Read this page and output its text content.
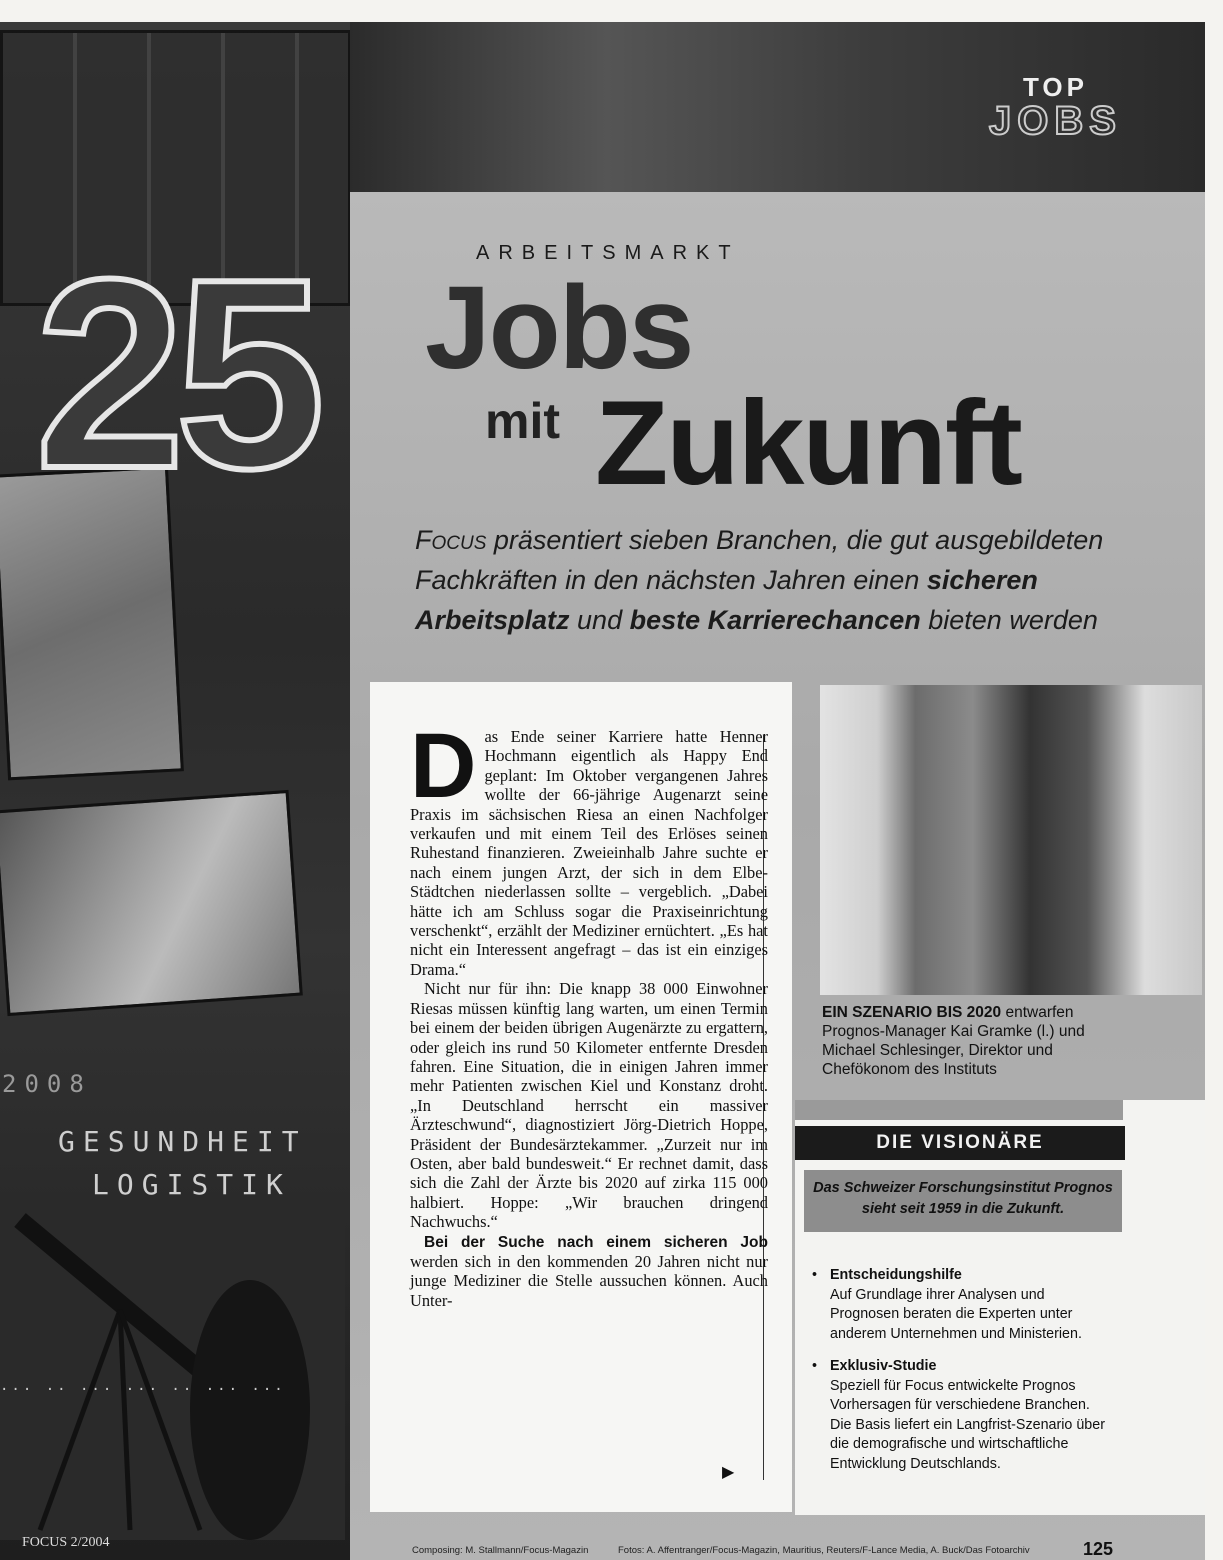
TOP
JOBS
ARBEITSMARKT
25 Jobs
mit Zukunft
Focus präsentiert sieben Branchen, die gut ausgebildeten Fachkräften in den nächsten Jahren einen sicheren Arbeitsplatz und beste Karrierechancen bieten werden

Das Ende seiner Karriere hatte Henner Hochmann eigentlich als Happy End geplant: Im Oktober vergangenen Jahres wollte der 66-jährige Augenarzt seine Praxis im sächsischen Riesa an einen Nachfolger verkaufen und mit einem Teil des Erlöses seinen Ruhestand finanzieren. Zweieinhalb Jahre suchte er nach einem jungen Arzt, der sich in dem Elbe-Städtchen niederlassen sollte – vergeblich. „Dabei hätte ich am Schluss sogar die Praxiseinrichtung verschenkt“, erzählt der Mediziner ernüchtert. „Es hat nicht ein Interessent angefragt – das ist ein einziges Drama.“

Nicht nur für ihn: Die knapp 38 000 Einwohner Riesas müssen künftig lang warten, um einen Termin bei einem der beiden übrigen Augenärzte zu ergattern, oder gleich ins rund 50 Kilometer entfernte Dresden fahren. Eine Situation, die in einigen Jahren immer mehr Patienten zwischen Kiel und Konstanz droht. „In Deutschland herrscht ein massiver Ärzteschwund“, diagnostiziert Jörg-Dietrich Hoppe, Präsident der Bundesärztekammer. „Zurzeit nur im Osten, aber bald bundesweit.“ Er rechnet damit, dass sich die Zahl der Ärzte bis 2020 auf zirka 115 000 halbiert. Hoppe: „Wir brauchen dringend Nachwuchs.“

Bei der Suche nach einem sicheren Job werden sich in den kommenden 20 Jahren nicht nur junge Mediziner die Stelle aussuchen können. Auch Unter-

▶
EIN SZENARIO BIS 2020 entwarfen Prognos-Manager Kai Gramke (l.) und Michael Schlesinger, Direktor und Chefökonom des Instituts
DIE VISIONÄRE
Das Schweizer Forschungsinstitut Prognos sieht seit 1959 in die Zukunft.
• Entscheidungshilfe
Auf Grundlage ihrer Analysen und Prognosen beraten die Experten unter anderem Unternehmen und Ministerien.
• Exklusiv-Studie
Speziell für Focus entwickelte Prognos Vorhersagen für verschiedene Branchen. Die Basis liefert ein Langfrist-Szenario über die demografische und wirtschaftliche Entwicklung Deutschlands.
2008
GESUNDHEIT
LOGISTIK
... .. ... ... .. ... ...
FOCUS 2/2004
Composing: M. Stallmann/Focus-Magazin	Fotos: A. Affentranger/Focus-Magazin, Mauritius, Reuters/F-Lance Media, A. Buck/Das Fotoarchiv	125
